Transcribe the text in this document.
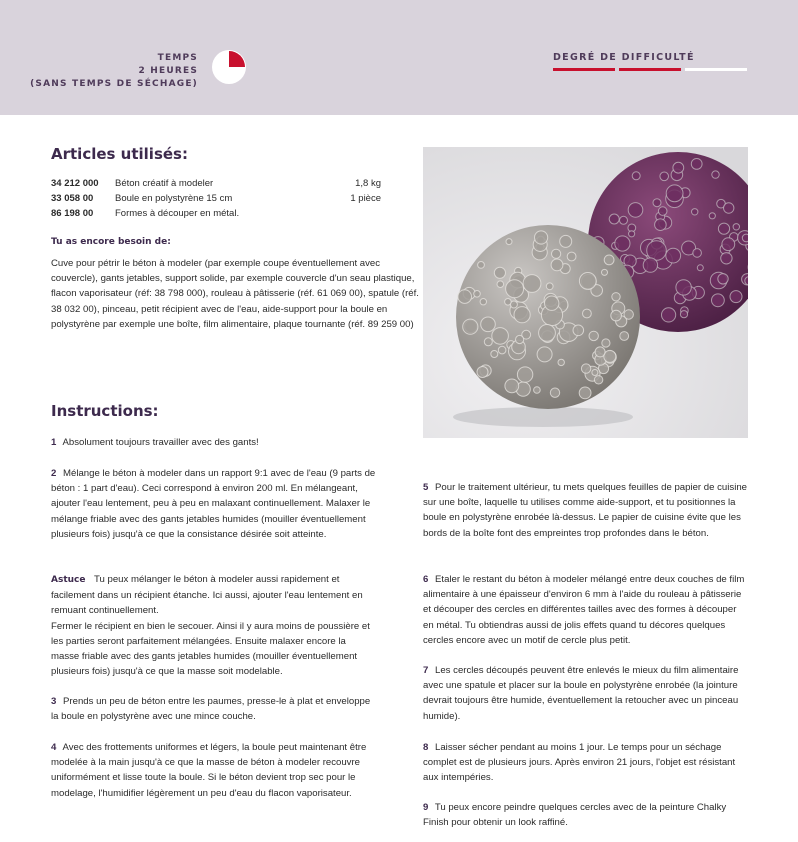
TEMPS
2 HEURES
(SANS TEMPS DE SÉCHAGE)
DEGRÉ DE DIFFICULTÉ
Articles utilisés:
34 212 000	Béton créatif à modeler	1,8 kg
33 058 00	Boule en polystyrène 15 cm	1 pièce
86 198 00	Formes à découper en métal.
Tu as encore besoin de:
Cuve pour pétrir le béton à modeler (par exemple coupe éventuellement avec couvercle), gants jetables, support solide, par exemple couvercle d'un seau plastique, flacon vaporisateur (réf: 38 798 000), rouleau à pâtisserie (réf. 61 069 00), spatule (réf. 38 032 00), pinceau, petit récipient avec de l'eau, aide-support pour la boule en polystyrène par exemple une boîte, film alimentaire, plaque tournante (réf. 89 259 00)
Instructions:
1 Absolument toujours travailler avec des gants!
2 Mélange le béton à modeler dans un rapport 9:1 avec de l'eau (9 parts de béton : 1 part d'eau). Ceci correspond à environ 200 ml. En mélangeant, ajouter l'eau lentement, peu à peu en malaxant continuellement. Malaxer le mélange friable avec des gants jetables humides (mouiller éventuellement plusieurs fois) jusqu'à ce que la consistance désirée soit atteinte.
Astuce Tu peux mélanger le béton à modeler aussi rapidement et facilement dans un récipient étanche. Ici aussi, ajouter l'eau lentement en remuant continuellement.
Fermer le récipient en bien le secouer. Ainsi il y aura moins de poussière et les parties seront parfaitement mélangées. Ensuite malaxer encore la masse friable avec des gants jetables humides (mouiller éventuellement plusieurs fois) jusqu'à ce que la masse soit modelable.
3 Prends un peu de béton entre les paumes, presse-le à plat et enveloppe la boule en polystyrène avec une mince couche.
4 Avec des frottements uniformes et légers, la boule peut maintenant être modelée à la main jusqu'à ce que la masse de béton à modeler recouvre uniformément et lisse toute la boule. Si le béton devient trop sec pour le modelage, l'humidifier légèrement un peu d'eau du flacon vaporisateur.
5 Pour le traitement ultérieur, tu mets quelques feuilles de papier de cuisine sur une boîte, laquelle tu utilises comme aide-support, et tu positionnes la boule en polystyrène enrobée là-dessus. Le papier de cuisine évite que les bords de la boîte font des empreintes trop profondes dans le béton.
6 Etaler le restant du béton à modeler mélangé entre deux couches de film alimentaire à une épaisseur d'environ 6 mm à l'aide du rouleau à pâtisserie et découper des cercles en différentes tailles avec des formes à découper en métal. Tu obtiendras aussi de jolis effets quand tu décores quelques cercles encore avec un motif de cercle plus petit.
7 Les cercles découpés peuvent être enlevés le mieux du film alimentaire avec une spatule et placer sur la boule en polystyrène enrobée (la jointure devrait toujours être humide, éventuellement la retoucher avec un pinceau humide).
8 Laisser sécher pendant au moins 1 jour. Le temps pour un séchage complet est de plusieurs jours. Après environ 21 jours, l'objet est résistant aux intempéries.
9 Tu peux encore peindre quelques cercles avec de la peinture Chalky Finish pour obtenir un look raffiné.
